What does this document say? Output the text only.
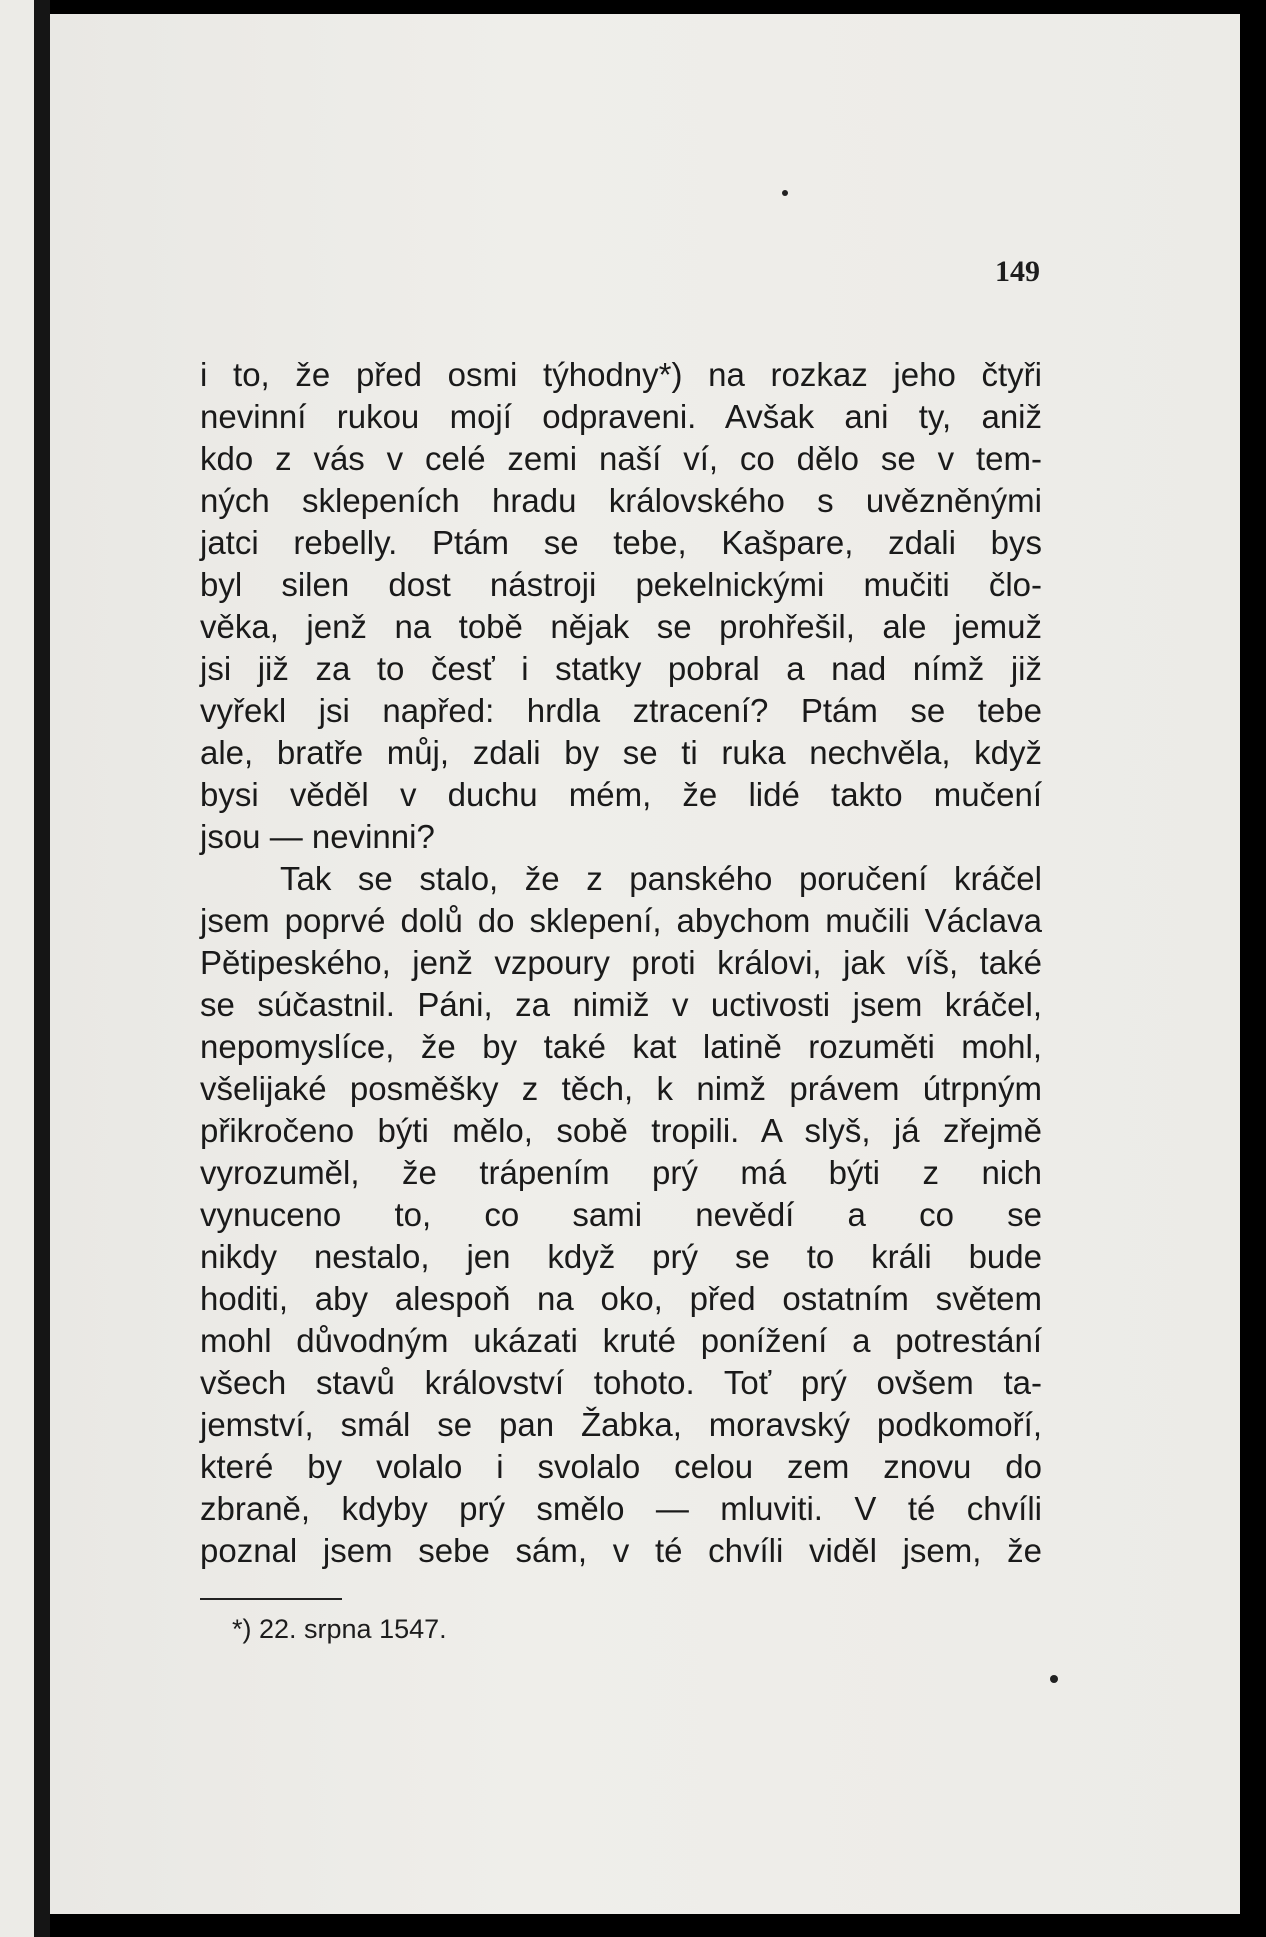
149

i to, že před osmi týhodny*) na rozkaz jeho čtyři
nevinní rukou mojí odpraveni. Avšak ani ty, aniž
kdo z vás v celé zemi naší ví, co dělo se v tem-
ných sklepeních hradu královského s uvězněnými
jatci rebelly. Ptám se tebe, Kašpare, zdali bys
byl silen dost nástroji pekelnickými mučiti člo-
věka, jenž na tobě nějak se prohřešil, ale jemuž
jsi již za to česť i statky pobral a nad nímž již
vyřekl jsi napřed: hrdla ztracení? Ptám se tebe
ale, bratře můj, zdali by se ti ruka nechvěla, když
bysi věděl v duchu mém, že lidé takto mučení
jsou — nevinni?
Tak se stalo, že z panského poručení kráčel
jsem poprvé dolů do sklepení, abychom mučili Václava
Pětipeského, jenž vzpoury proti královi, jak víš, také
se súčastnil. Páni, za nimiž v uctivosti jsem kráčel,
nepomyslíce, že by také kat latině rozuměti mohl,
všelijaké posměšky z těch, k nimž právem útrpným
přikročeno býti mělo, sobě tropili. A slyš, já zřejmě
vyrozuměl, že trápením prý má býti z nich
vynuceno to, co sami nevědí a co se
nikdy nestalo, jen když prý se to králi bude
hoditi, aby alespoň na oko, před ostatním světem
mohl důvodným ukázati kruté ponížení a potrestání
všech stavů království tohoto. Toť prý ovšem ta-
jemství, smál se pan Žabka, moravský podkomoří,
které by volalo i svolalo celou zem znovu do
zbraně, kdyby prý smělo — mluviti. V té chvíli
poznal jsem sebe sám, v té chvíli viděl jsem, že

*) 22. srpna 1547.
